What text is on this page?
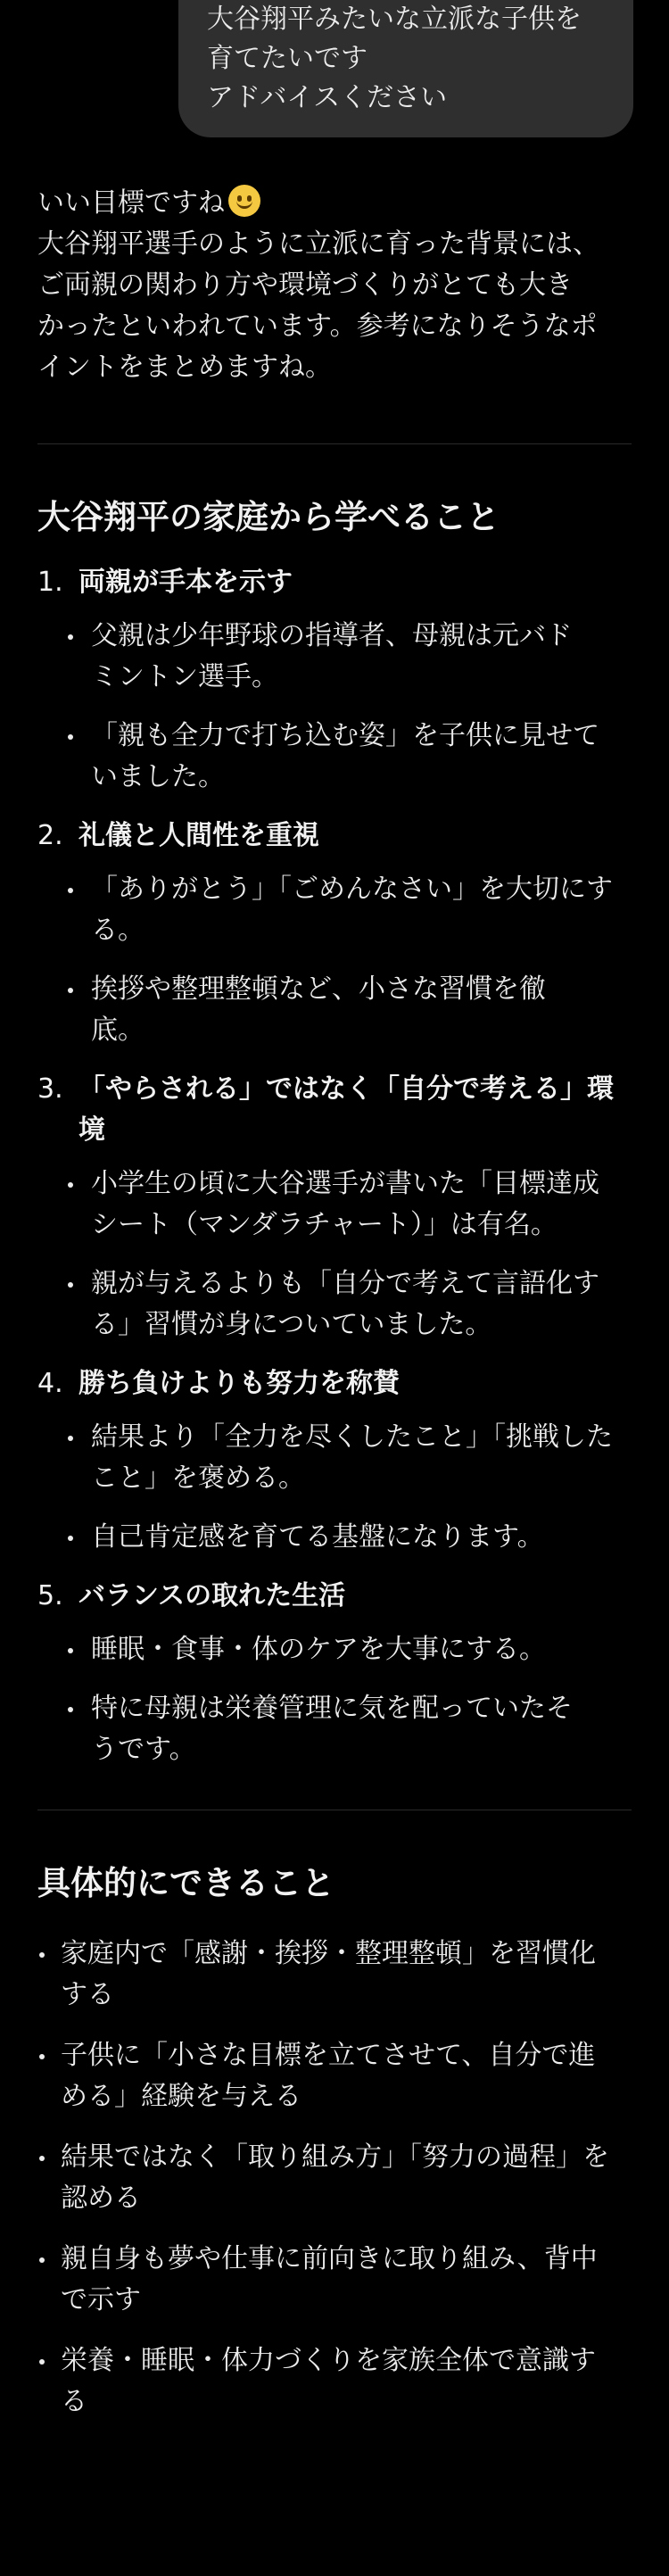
大谷翔平みたいな立派な子供を
育てたいです
アドバイスください

いい目標ですね
大谷翔平選手のように立派に育った背景には、
ご両親の関わり方や環境づくりがとても大き
かったといわれています。参考になりそうなポ
イントをまとめますね。

大谷翔平の家庭から学べること
1. 両親が手本を示す
父親は少年野球の指導者、母親は元バド
ミントン選手。
「親も全力で打ち込む姿」を子供に見せて
いました。
2. 礼儀と人間性を重視
「ありがとう」「ごめんなさい」を大切にす
る。
挨拶や整理整頓など、小さな習慣を徹
底。
3. 「やらされる」ではなく「自分で考える」環
境
小学生の頃に大谷選手が書いた「目標達成
シート（マンダラチャート）」は有名。
親が与えるよりも「自分で考えて言語化す
る」習慣が身についていました。
4. 勝ち負けよりも努力を称賛
結果より「全力を尽くしたこと」「挑戦した
こと」を褒める。
自己肯定感を育てる基盤になります。
5. バランスの取れた生活
睡眠・食事・体のケアを大事にする。
特に母親は栄養管理に気を配っていたそ
うです。
具体的にできること
家庭内で「感謝・挨拶・整理整頓」を習慣化
する
子供に「小さな目標を立てさせて、自分で進
める」経験を与える
結果ではなく「取り組み方」「努力の過程」を
認める
親自身も夢や仕事に前向きに取り組み、背中
で示す
栄養・睡眠・体力づくりを家族全体で意識す
る
